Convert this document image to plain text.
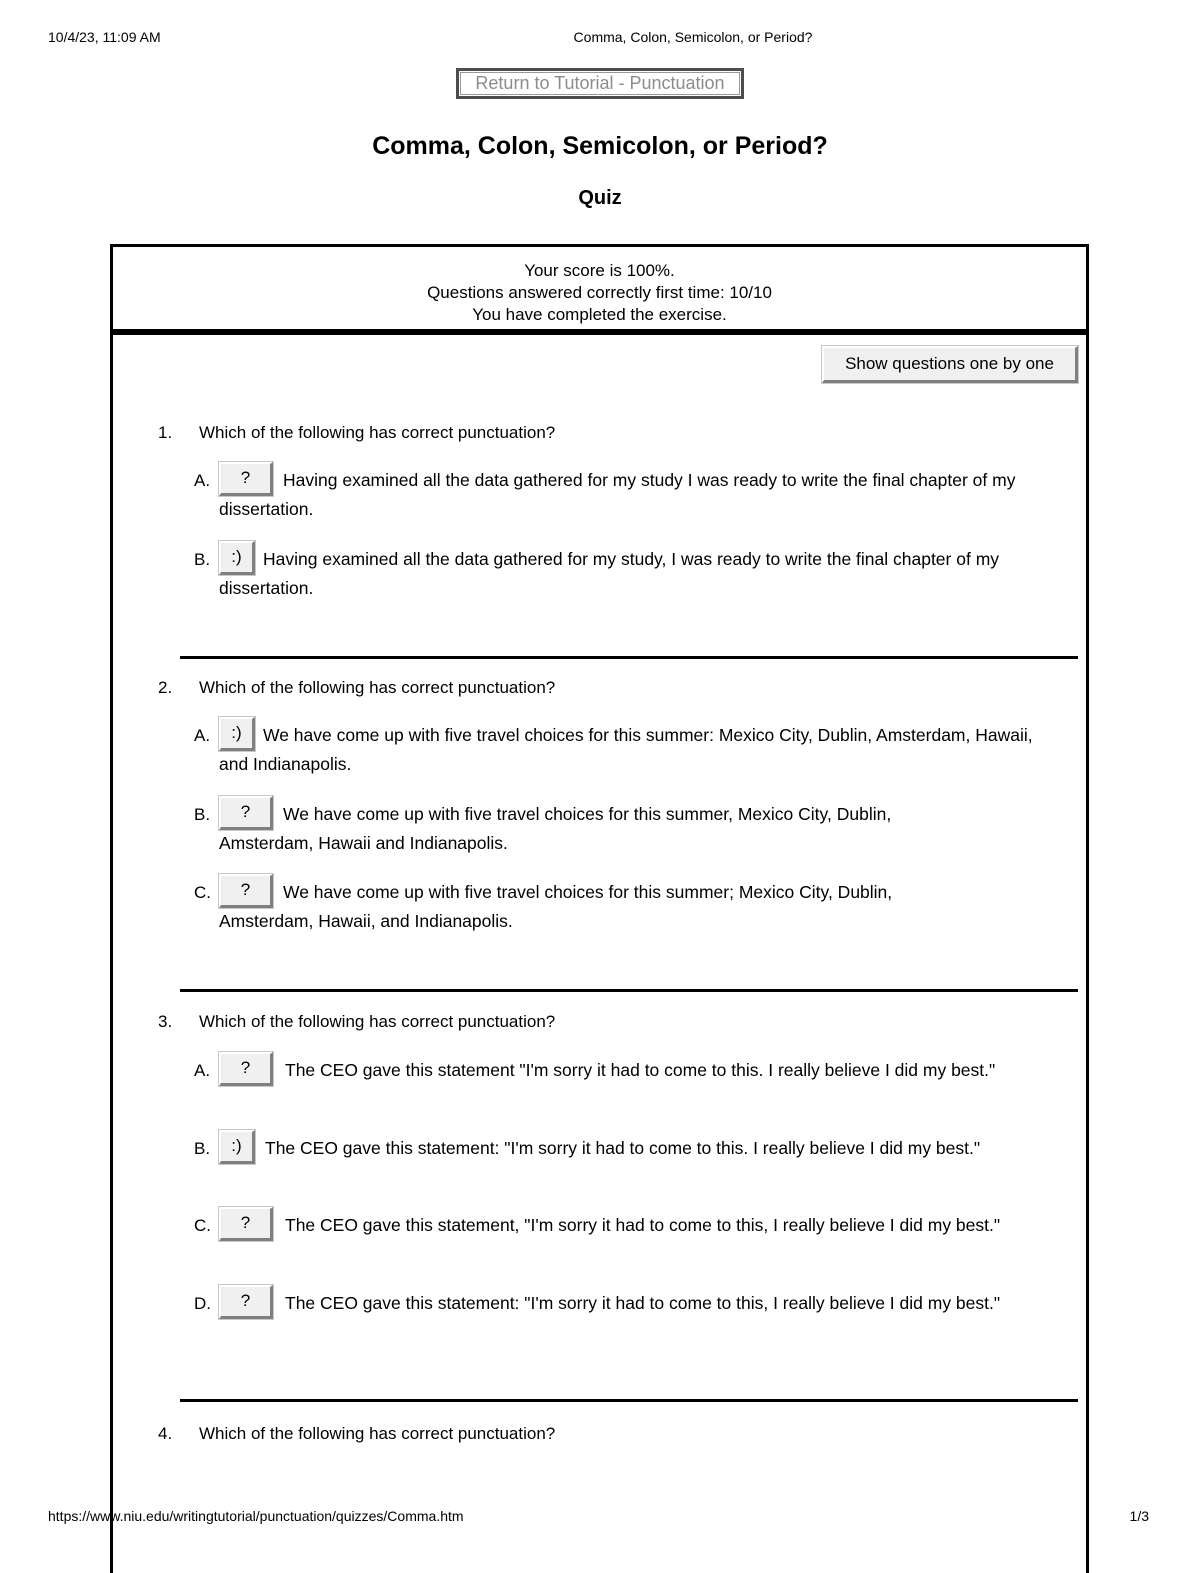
10/4/23, 11:09 AM	Comma, Colon, Semicolon, or Period?
Return to Tutorial - Punctuation
Comma, Colon, Semicolon, or Period?
Quiz
Your score is 100%.
Questions answered correctly first time: 10/10
You have completed the exercise.
Show questions one by one
1. Which of the following has correct punctuation?
A.	?	Having examined all the data gathered for my study I was ready to write the final chapter of my dissertation.
B.	:)	Having examined all the data gathered for my study, I was ready to write the final chapter of my dissertation.
2. Which of the following has correct punctuation?
A.	:)	We have come up with five travel choices for this summer: Mexico City, Dublin, Amsterdam, Hawaii, and Indianapolis.
B.	?	We have come up with five travel choices for this summer, Mexico City, Dublin, Amsterdam, Hawaii and Indianapolis.
C.	?	We have come up with five travel choices for this summer; Mexico City, Dublin, Amsterdam, Hawaii, and Indianapolis.
3. Which of the following has correct punctuation?
A.	?	The CEO gave this statement "I'm sorry it had to come to this. I really believe I did my best."
B.	:)	The CEO gave this statement: "I'm sorry it had to come to this. I really believe I did my best."
C.	?	The CEO gave this statement, "I'm sorry it had to come to this, I really believe I did my best."
D.	?	The CEO gave this statement: "I'm sorry it had to come to this, I really believe I did my best."
4. Which of the following has correct punctuation?
https://www.niu.edu/writingtutorial/punctuation/quizzes/Comma.htm	1/3
